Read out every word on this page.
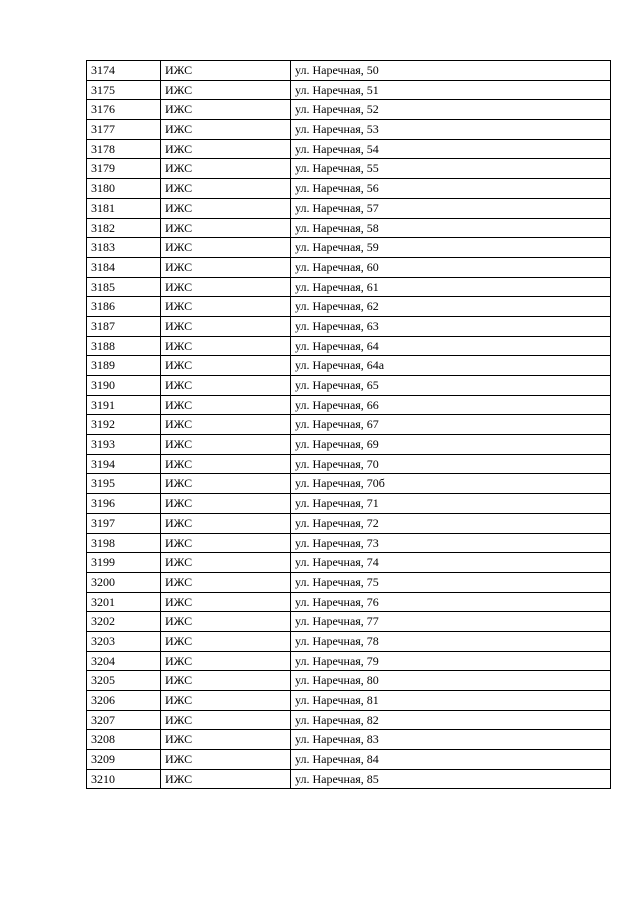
3174	ИЖС	ул. Наречная, 50
3175	ИЖС	ул. Наречная, 51
3176	ИЖС	ул. Наречная, 52
3177	ИЖС	ул. Наречная, 53
3178	ИЖС	ул. Наречная, 54
3179	ИЖС	ул. Наречная, 55
3180	ИЖС	ул. Наречная, 56
3181	ИЖС	ул. Наречная, 57
3182	ИЖС	ул. Наречная, 58
3183	ИЖС	ул. Наречная, 59
3184	ИЖС	ул. Наречная, 60
3185	ИЖС	ул. Наречная, 61
3186	ИЖС	ул. Наречная, 62
3187	ИЖС	ул. Наречная, 63
3188	ИЖС	ул. Наречная, 64
3189	ИЖС	ул. Наречная, 64а
3190	ИЖС	ул. Наречная, 65
3191	ИЖС	ул. Наречная, 66
3192	ИЖС	ул. Наречная, 67
3193	ИЖС	ул. Наречная, 69
3194	ИЖС	ул. Наречная, 70
3195	ИЖС	ул. Наречная, 70б
3196	ИЖС	ул. Наречная, 71
3197	ИЖС	ул. Наречная, 72
3198	ИЖС	ул. Наречная, 73
3199	ИЖС	ул. Наречная, 74
3200	ИЖС	ул. Наречная, 75
3201	ИЖС	ул. Наречная, 76
3202	ИЖС	ул. Наречная, 77
3203	ИЖС	ул. Наречная, 78
3204	ИЖС	ул. Наречная, 79
3205	ИЖС	ул. Наречная, 80
3206	ИЖС	ул. Наречная, 81
3207	ИЖС	ул. Наречная, 82
3208	ИЖС	ул. Наречная, 83
3209	ИЖС	ул. Наречная, 84
3210	ИЖС	ул. Наречная, 85
